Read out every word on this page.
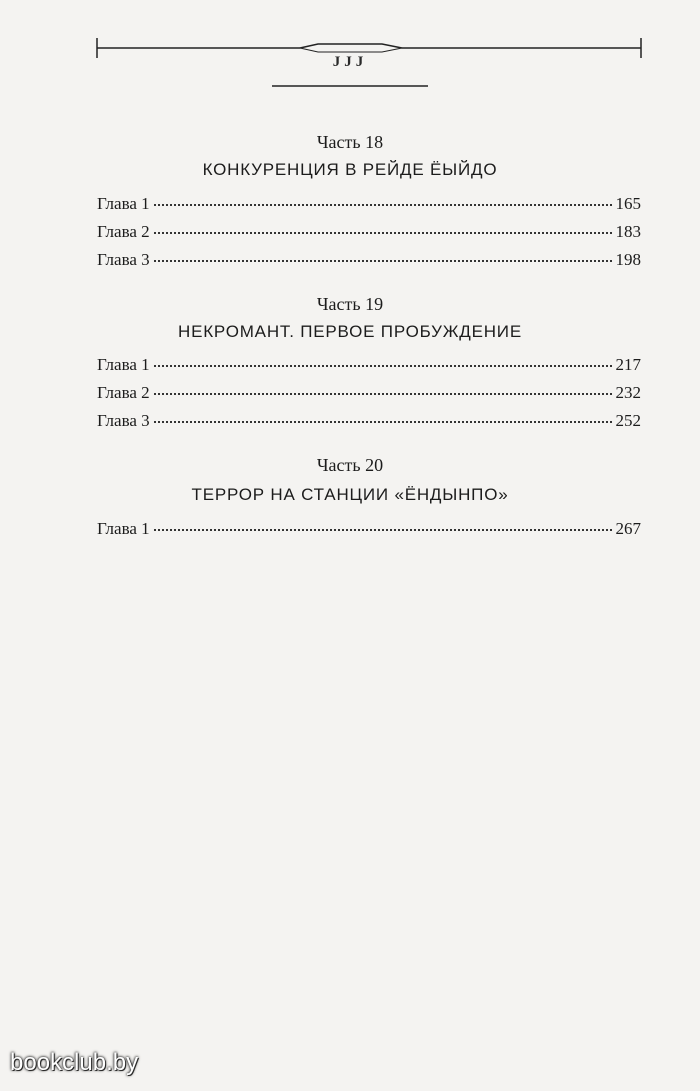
JJJ
Часть 18
КОНКУРЕНЦИЯ В РЕЙДЕ ЁЫЙДО
Глава 1	165
Глава 2	183
Глава 3	198
Часть 19
НЕКРОМАНТ. ПЕРВОЕ ПРОБУЖДЕНИЕ
Глава 1	217
Глава 2	232
Глава 3	252
Часть 20
ТЕРРОР НА СТАНЦИИ «ЁНДЫНПО»
Глава 1	267
bookclub.by
